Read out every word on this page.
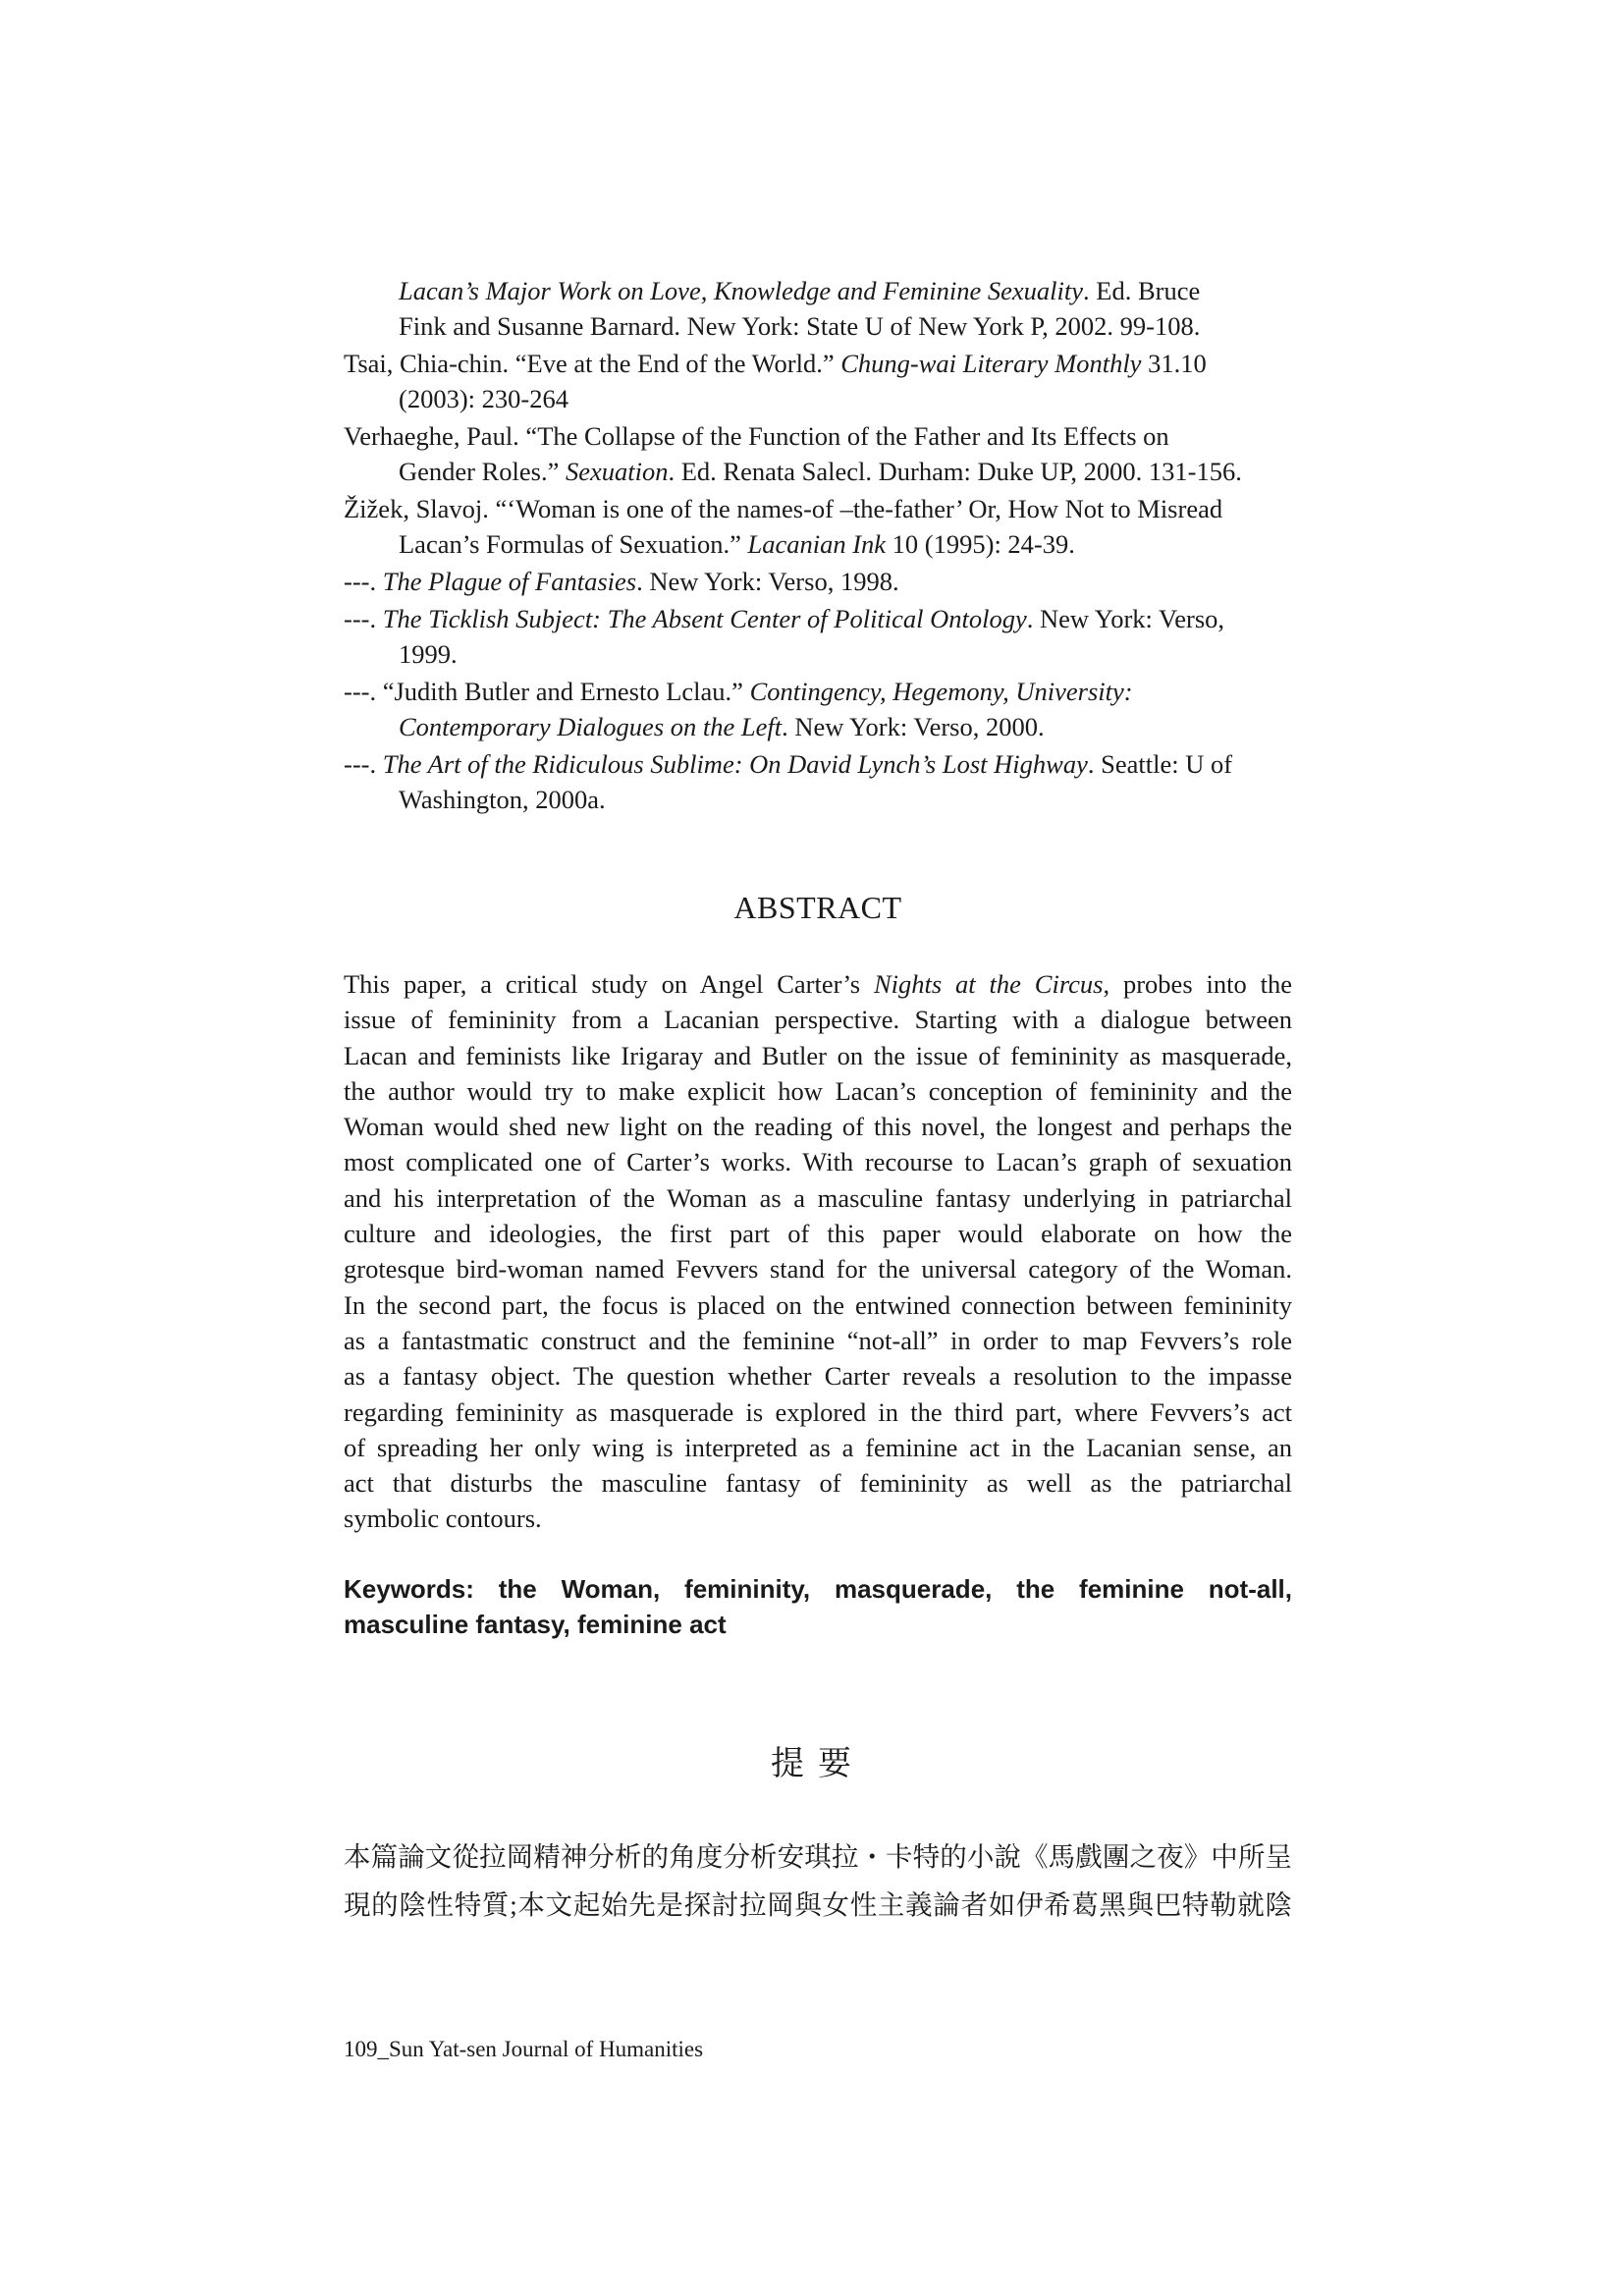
Lacan’s Major Work on Love, Knowledge and Feminine Sexuality. Ed. Bruce
Fink and Susanne Barnard. New York: State U of New York P, 2002. 99-108.
Tsai, Chia-chin. “Eve at the End of the World.” Chung-wai Literary Monthly 31.10
(2003): 230-264
Verhaeghe, Paul. “The Collapse of the Function of the Father and Its Effects on
Gender Roles.” Sexuation. Ed. Renata Salecl. Durham: Duke UP, 2000. 131-156.
Žižek, Slavoj. “‘Woman is one of the names-of –the-father’ Or, How Not to Misread
Lacan’s Formulas of Sexuation.” Lacanian Ink 10 (1995): 24-39.
---. The Plague of Fantasies. New York: Verso, 1998.
---. The Ticklish Subject: The Absent Center of Political Ontology. New York: Verso,
1999.
---. “Judith Butler and Ernesto Lclau.” Contingency, Hegemony, University:
Contemporary Dialogues on the Left. New York: Verso, 2000.
---. The Art of the Ridiculous Sublime: On David Lynch’s Lost Highway. Seattle: U of
Washington, 2000a.
ABSTRACT
This paper, a critical study on Angel Carter’s Nights at the Circus, probes into the
issue of femininity from a Lacanian perspective. Starting with a dialogue between
Lacan and feminists like Irigaray and Butler on the issue of femininity as masquerade,
the author would try to make explicit how Lacan’s conception of femininity and the
Woman would shed new light on the reading of this novel, the longest and perhaps the
most complicated one of Carter’s works. With recourse to Lacan’s graph of sexuation
and his interpretation of the Woman as a masculine fantasy underlying in patriarchal
culture and ideologies, the first part of this paper would elaborate on how the
grotesque bird-woman named Fevvers stand for the universal category of the Woman.
In the second part, the focus is placed on the entwined connection between femininity
as a fantastmatic construct and the feminine “not-all” in order to map Fevvers’s role
as a fantasy object. The question whether Carter reveals a resolution to the impasse
regarding femininity as masquerade is explored in the third part, where Fevvers’s act
of spreading her only wing is interpreted as a feminine act in the Lacanian sense, an
act that disturbs the masculine fantasy of femininity as well as the patriarchal
symbolic contours.
Keywords: the Woman, femininity, masquerade, the feminine not-all,
masculine fantasy, feminine act
提要
本篇論文從拉岡精神分析的角度分析安琪拉・卡特的小說《馬戲團之夜》中所呈
現的陰性特質;本文起始先是探討拉岡與女性主義論者如伊希葛黑與巴特勒就陰
109_Sun Yat-sen Journal of Humanities
